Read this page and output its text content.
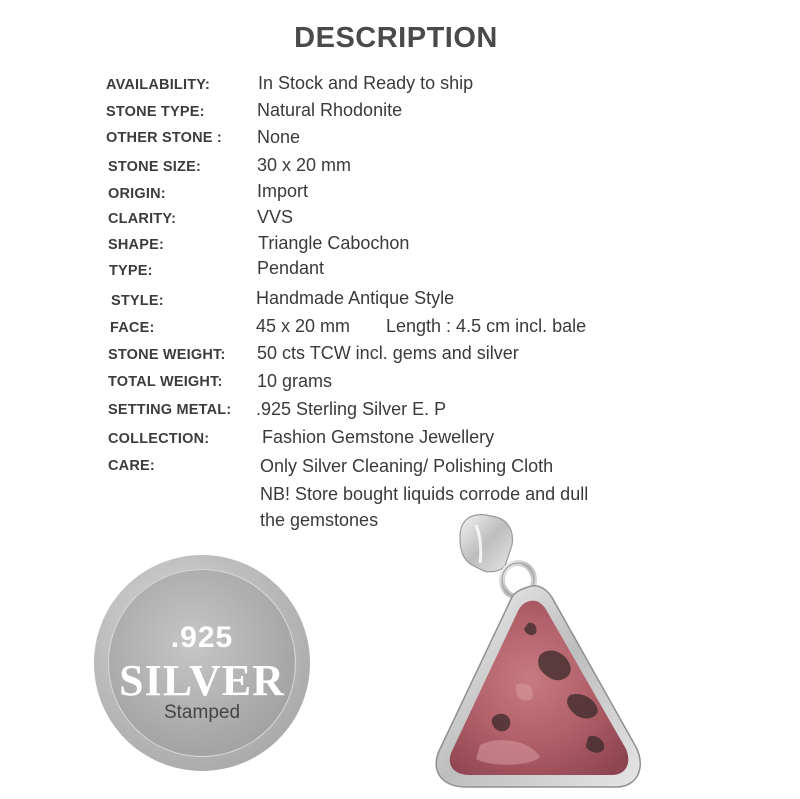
DESCRIPTION
AVAILABILITY:	In Stock and Ready to ship
STONE TYPE:	Natural Rhodonite
OTHER STONE : None
STONE SIZE:	30 x 20 mm
ORIGIN:	Import
CLARITY:	VVS
SHAPE:	Triangle Cabochon
TYPE:	Pendant
STYLE:	Handmade Antique Style
FACE:	45 x 20 mm Length : 4.5 cm incl. bale
STONE WEIGHT: 50 cts TCW incl. gems and silver
TOTAL WEIGHT: 10 grams
SETTING METAL: .925 Sterling Silver E. P
COLLECTION:	Fashion Gemstone Jewellery
CARE:	Only Silver Cleaning/ Polishing Cloth
NB! Store bought liquids corrode and dull
the gemstones
.925
SILVER
Stamped
